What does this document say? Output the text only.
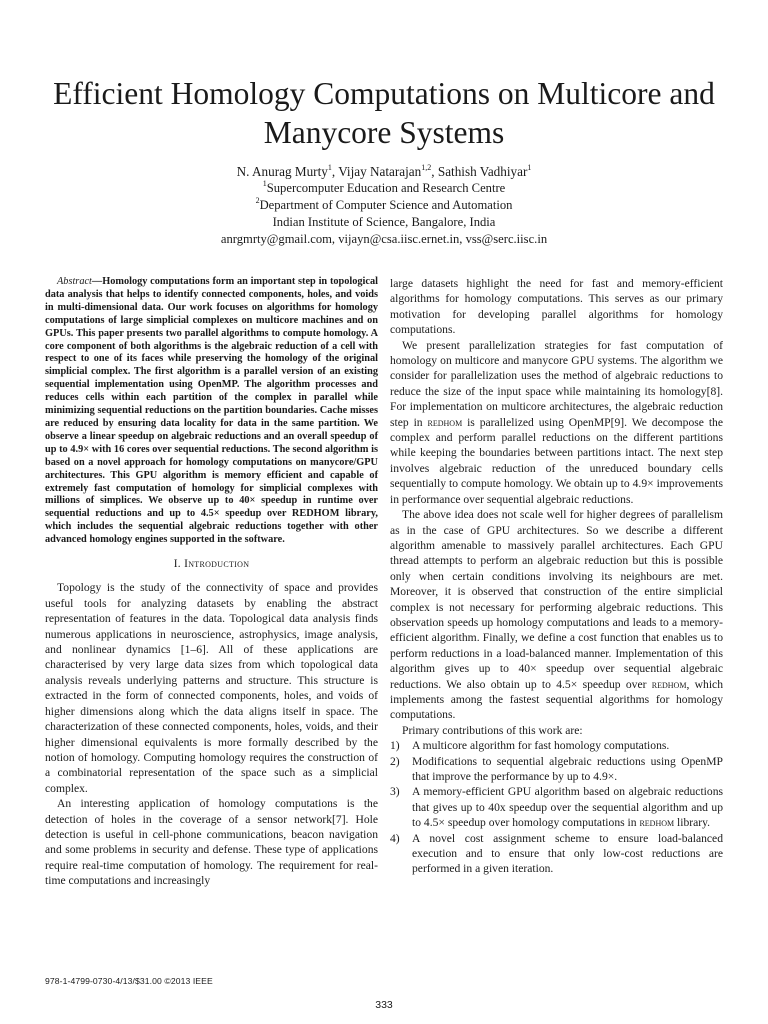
Efficient Homology Computations on Multicore and Manycore Systems
N. Anurag Murty$^1$, Vijay Natarajan$^{1,2}$, Sathish Vadhiyar$^1$
$^1$Supercomputer Education and Research Centre
$^2$Department of Computer Science and Automation
Indian Institute of Science, Bangalore, India
anrgmrty@gmail.com, vijayn@csa.iisc.ernet.in, vss@serc.iisc.in

Abstract—Homology computations form an important step in topological data analysis that helps to identify connected components, holes, and voids in multi-dimensional data. Our work focuses on algorithms for homology computations of large simplicial complexes on multicore machines and on GPUs. This paper presents two parallel algorithms to compute homology. A core component of both algorithms is the algebraic reduction of a cell with respect to one of its faces while preserving the homology of the original simplicial complex. The first algorithm is a parallel version of an existing sequential implementation using OpenMP. The algorithm processes and reduces cells within each partition of the complex in parallel while minimizing sequential reductions on the partition boundaries. Cache misses are reduced by ensuring data locality for data in the same partition. We observe a linear speedup on algebraic reductions and an overall speedup of up to 4.9× with 16 cores over sequential reductions. The second algorithm is based on a novel approach for homology computations on manycore/GPU architectures. This GPU algorithm is memory efficient and capable of extremely fast computation of homology for simplicial complexes with millions of simplices. We observe up to 40× speedup in runtime over sequential reductions and up to 4.5× speedup over REDHOM library, which includes the sequential algebraic reductions together with other advanced homology engines supported in the software.

I. Introduction

Topology is the study of the connectivity of space and provides useful tools for analyzing datasets by enabling the abstract representation of features in the data. Topological data analysis finds numerous applications in neuroscience, astrophysics, image analysis, and nonlinear dynamics [1–6]. All of these applications are characterised by very large data sizes from which topological data analysis reveals underlying patterns and structure. This structure is extracted in the form of connected components, holes, and voids of higher dimensions along which the data aligns itself in space. The characterization of these connected components, holes, voids, and their higher dimensional equivalents is more formally described by the notion of homology. Computing homology requires the construction of a combinatorial representation of the space such as a simplicial complex.

An interesting application of homology computations is the detection of holes in the coverage of a sensor network[7]. Hole detection is useful in cell-phone communications, beacon navigation and some problems in security and defense. These type of applications require real-time computation of homology. The requirement for real-time computations and increasingly

large datasets highlight the need for fast and memory-efficient algorithms for homology computations. This serves as our primary motivation for developing parallel algorithms for homology computations.

We present parallelization strategies for fast computation of homology on multicore and manycore GPU systems. The algorithm we consider for parallelization uses the method of algebraic reductions to reduce the size of the input space while maintaining its homology[8]. For implementation on multicore architectures, the algebraic reduction step in redhom is parallelized using OpenMP[9]. We decompose the complex and perform parallel reductions on the different partitions while keeping the boundaries between partitions intact. The next step involves algebraic reduction of the unreduced boundary cells sequentially to compute homology. We obtain up to 4.9× improvements in performance over sequential algebraic reductions.

The above idea does not scale well for higher degrees of parallelism as in the case of GPU architectures. So we describe a different algorithm amenable to massively parallel architectures. Each GPU thread attempts to perform an algebraic reduction but this is possible only when certain conditions involving its neighbours are met. Moreover, it is observed that construction of the entire simplicial complex is not necessary for performing algebraic reductions. This observation speeds up homology computations and leads to a memory-efficient algorithm. Finally, we define a cost function that enables us to perform reductions in a load-balanced manner. Implementation of this algorithm gives up to 40× speedup over sequential algebraic reductions. We also obtain up to 4.5× speedup over redhom, which implements among the fastest sequential algorithms for homology computations.

Primary contributions of this work are:

1) A multicore algorithm for fast homology computations.
2) Modifications to sequential algebraic reductions using OpenMP that improve the performance by up to 4.9×.
3) A memory-efficient GPU algorithm based on algebraic reductions that gives up to 40x speedup over the sequential algorithm and up to 4.5× speedup over homology computations in redhom library.
4) A novel cost assignment scheme to ensure load-balanced execution and to ensure that only low-cost reductions are performed in a given iteration.
978-1-4799-0730-4/13/$31.00 ©2013 IEEE
333
